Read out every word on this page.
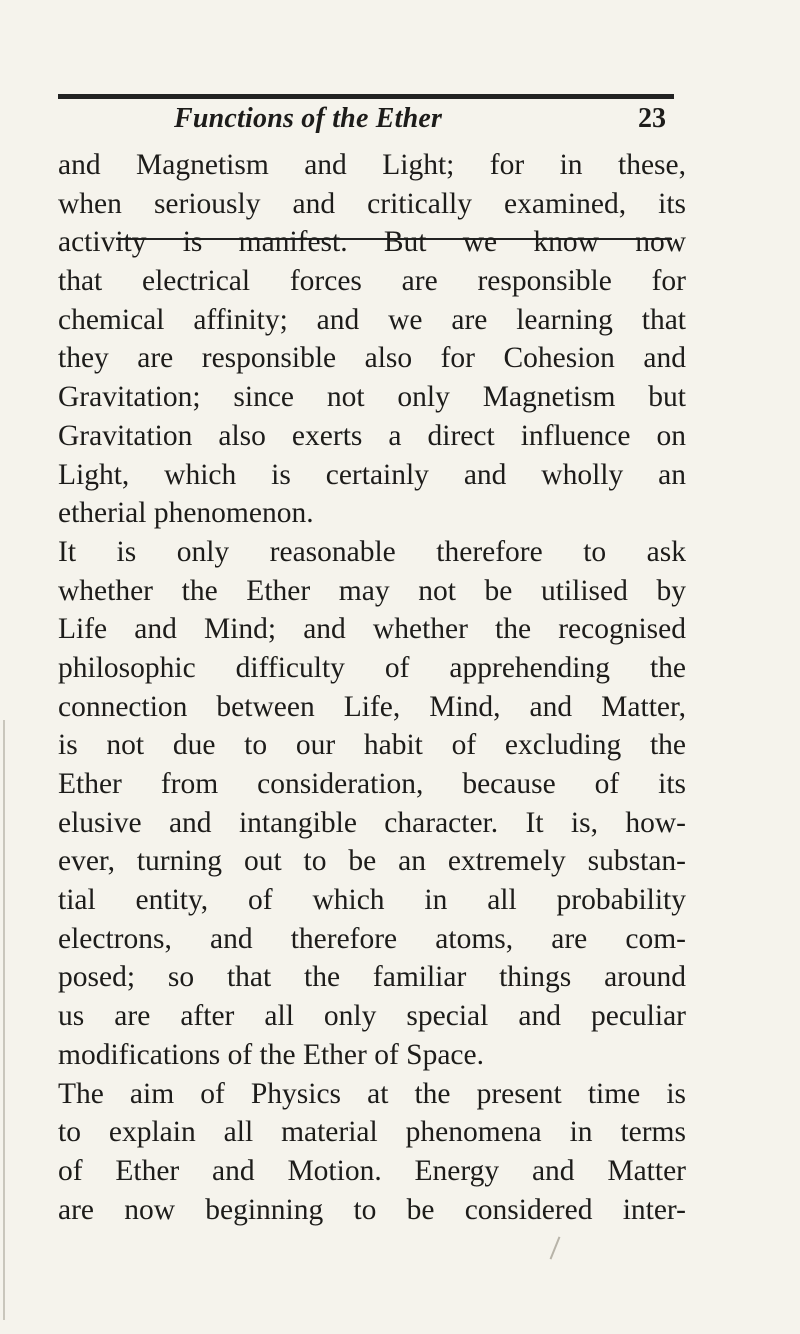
Functions of the Ether	23
and Magnetism and Light; for in these,
when seriously and critically examined, its
activity is manifest. But we know now
that electrical forces are responsible for
chemical affinity; and we are learning that
they are responsible also for Cohesion and
Gravitation; since not only Magnetism but
Gravitation also exerts a direct influence on
Light, which is certainly and wholly an
etherial phenomenon.
It is only reasonable therefore to ask
whether the Ether may not be utilised by
Life and Mind; and whether the recognised
philosophic difficulty of apprehending the
connection between Life, Mind, and Matter,
is not due to our habit of excluding the
Ether from consideration, because of its
elusive and intangible character. It is, how-
ever, turning out to be an extremely substan-
tial entity, of which in all probability
electrons, and therefore atoms, are com-
posed; so that the familiar things around
us are after all only special and peculiar
modifications of the Ether of Space.
The aim of Physics at the present time is
to explain all material phenomena in terms
of Ether and Motion. Energy and Matter
are now beginning to be considered inter-
